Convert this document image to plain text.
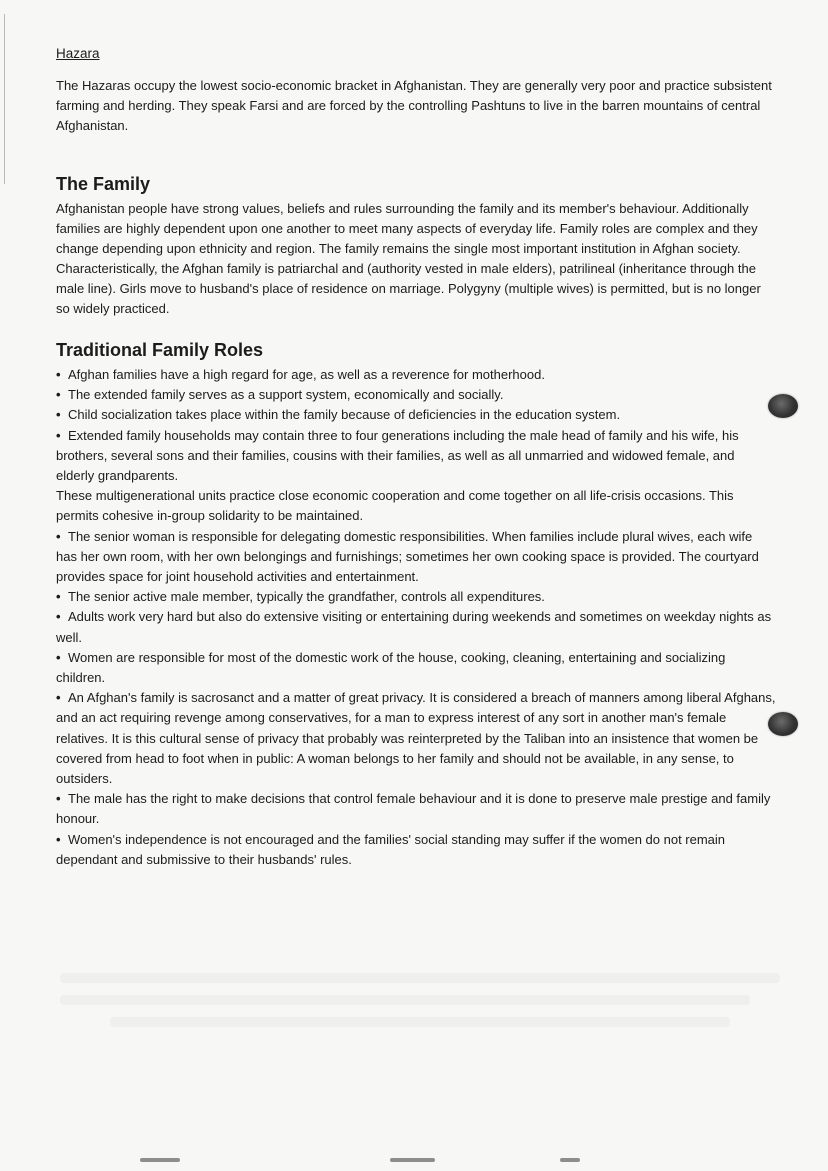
Hazara

The Hazaras occupy the lowest socio-economic bracket in Afghanistan. They are generally very poor and practice subsistent farming and herding. They speak Farsi and are forced by the controlling Pashtuns to live in the barren mountains of central Afghanistan.

The Family

Afghanistan people have strong values, beliefs and rules surrounding the family and its member's behaviour. Additionally families are highly dependent upon one another to meet many aspects of everyday life. Family roles are complex and they change depending upon ethnicity and region. The family remains the single most important institution in Afghan society. Characteristically, the Afghan family is patriarchal and (authority vested in male elders), patrilineal (inheritance through the male line). Girls move to husband's place of residence on marriage. Polygyny (multiple wives) is permitted, but is no longer so widely practiced.

Traditional Family Roles
• Afghan families have a high regard for age, as well as a reverence for motherhood.
• The extended family serves as a support system, economically and socially.
• Child socialization takes place within the family because of deficiencies in the education system.
• Extended family households may contain three to four generations including the male head of family and his wife, his brothers, several sons and their families, cousins with their families, as well as all unmarried and widowed female, and elderly grandparents.
These multigenerational units practice close economic cooperation and come together on all life-crisis occasions. This permits cohesive in-group solidarity to be maintained.
• The senior woman is responsible for delegating domestic responsibilities. When families include plural wives, each wife has her own room, with her own belongings and furnishings; sometimes her own cooking space is provided. The courtyard provides space for joint household activities and entertainment.
• The senior active male member, typically the grandfather, controls all expenditures.
• Adults work very hard but also do extensive visiting or entertaining during weekends and sometimes on weekday nights as well.
• Women are responsible for most of the domestic work of the house, cooking, cleaning, entertaining and socializing children.
• An Afghan's family is sacrosanct and a matter of great privacy. It is considered a breach of manners among liberal Afghans, and an act requiring revenge among conservatives, for a man to express interest of any sort in another man's female relatives. It is this cultural sense of privacy that probably was reinterpreted by the Taliban into an insistence that women be covered from head to foot when in public: A woman belongs to her family and should not be available, in any sense, to outsiders.
• The male has the right to make decisions that control female behaviour and it is done to preserve male prestige and family honour.
• Women's independence is not encouraged and the families' social standing may suffer if the women do not remain dependant and submissive to their husbands' rules.
